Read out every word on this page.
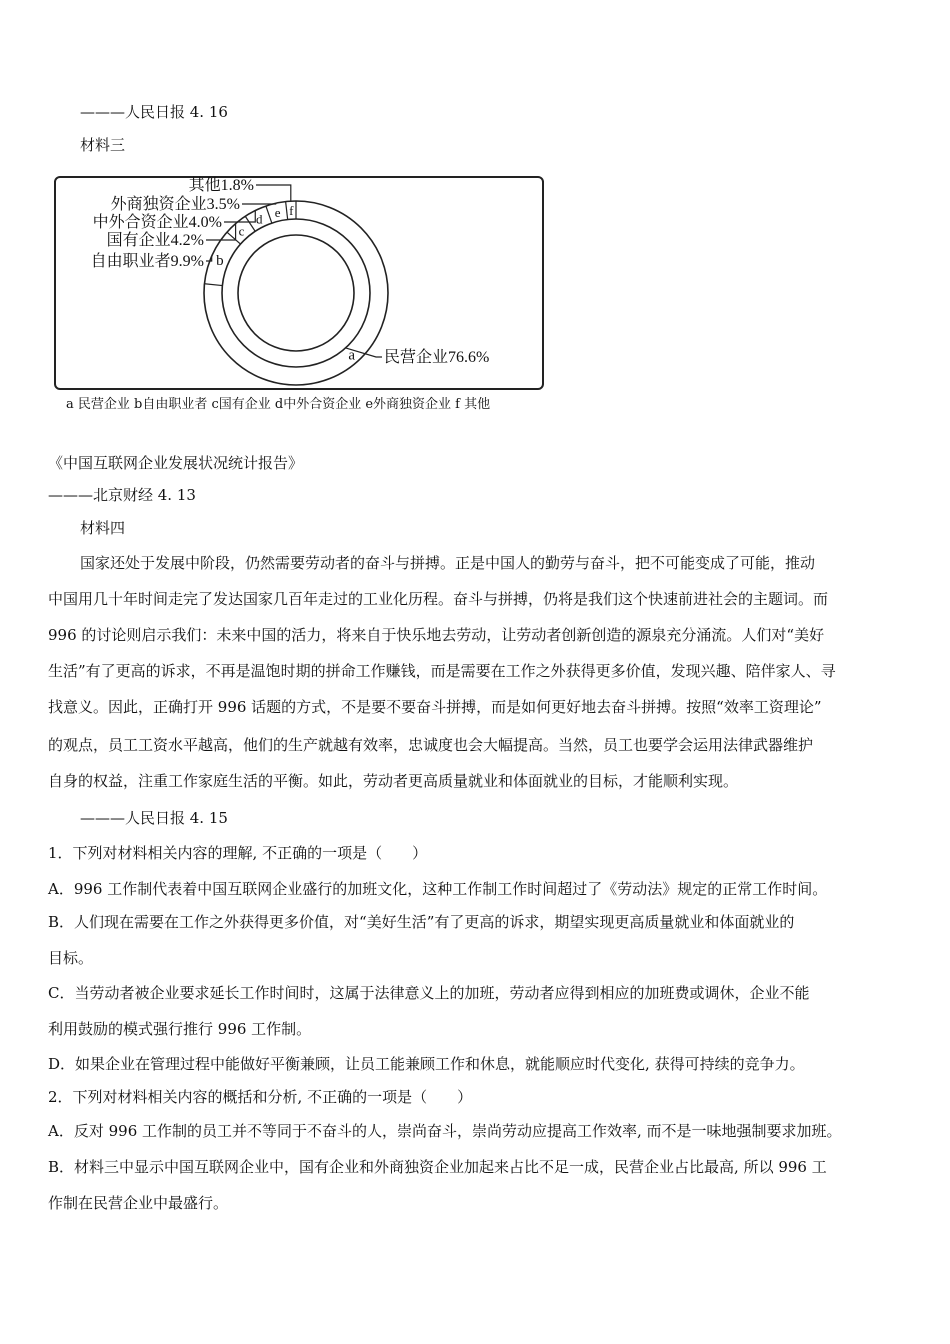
———人民日报 4. 16
材料三
a
b
c
d e f
民营企业76.6%
自由职业者9.9%
国有企业4.2%
中外合资企业4.0%
外商独资企业3.5%
其他1.8%
a 民营企业 b自由职业者 c国有企业 d中外合资企业 e外商独资企业 f 其他
《中国互联网企业发展状况统计报告》
———北京财经 4. 13
材料四
国家还处于发展中阶段，仍然需要劳动者的奋斗与拼搏。正是中国人的勤劳与奋斗，把不可能变成了可能，推动
中国用几十年时间走完了发达国家几百年走过的工业化历程。奋斗与拼搏，仍将是我们这个快速前进社会的主题词。而
996 的讨论则启示我们：未来中国的活力，将来自于快乐地去劳动，让劳动者创新创造的源泉充分涌流。人们对“美好
生活”有了更高的诉求，不再是温饱时期的拼命工作赚钱，而是需要在工作之外获得更多价值，发现兴趣、陪伴家人、寻
找意义。因此，正确打开 996 话题的方式，不是要不要奋斗拼搏，而是如何更好地去奋斗拼搏。按照“效率工资理论”
的观点，员工工资水平越高，他们的生产就越有效率，忠诚度也会大幅提高。当然，员工也要学会运用法律武器维护
自身的权益，注重工作家庭生活的平衡。如此，劳动者更高质量就业和体面就业的目标，才能顺利实现。
———人民日报 4. 15
1．下列对材料相关内容的理解, 不正确的一项是（　　）
A．996 工作制代表着中国互联网企业盛行的加班文化，这种工作制工作时间超过了《劳动法》规定的正常工作时间。
B．人们现在需要在工作之外获得更多价值，对“美好生活”有了更高的诉求，期望实现更高质量就业和体面就业的
目标。
C．当劳动者被企业要求延长工作时间时，这属于法律意义上的加班，劳动者应得到相应的加班费或调休，企业不能
利用鼓励的模式强行推行 996 工作制。
D．如果企业在管理过程中能做好平衡兼顾，让员工能兼顾工作和休息，就能顺应时代变化, 获得可持续的竞争力。
2．下列对材料相关内容的概括和分析, 不正确的一项是（　　）
A．反对 996 工作制的员工并不等同于不奋斗的人，崇尚奋斗，崇尚劳动应提高工作效率, 而不是一味地强制要求加班。
B．材料三中显示中国互联网企业中，国有企业和外商独资企业加起来占比不足一成，民营企业占比最高, 所以 996 工
作制在民营企业中最盛行。
